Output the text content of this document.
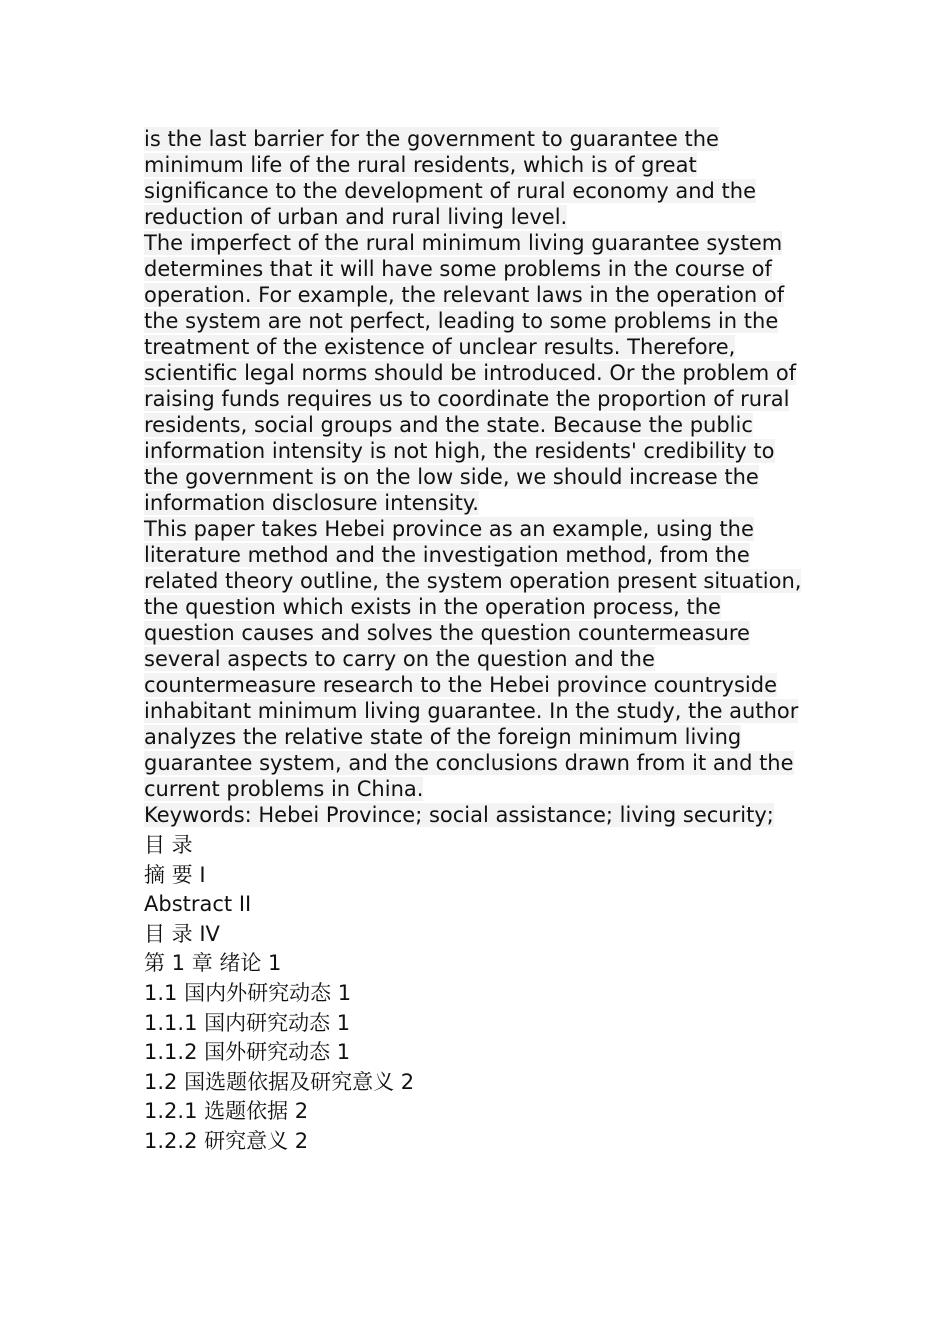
is the last barrier for the government to guarantee the minimum life of the rural residents, which is of great significance to the development of rural economy and the reduction of urban and rural living level.

The imperfect of the rural minimum living guarantee system determines that it will have some problems in the course of operation. For example, the relevant laws in the operation of the system are not perfect, leading to some problems in the treatment of the existence of unclear results. Therefore, scientific legal norms should be introduced. Or the problem of raising funds requires us to coordinate the proportion of rural residents, social groups and the state. Because the public information intensity is not high, the residents' credibility to the government is on the low side, we should increase the information disclosure intensity.

This paper takes Hebei province as an example, using the literature method and the investigation method, from the related theory outline, the system operation present situation, the question which exists in the operation process, the question causes and solves the question countermeasure several aspects to carry on the question and the countermeasure research to the Hebei province countryside inhabitant minimum living guarantee. In the study, the author analyzes the relative state of the foreign minimum living guarantee system, and the conclusions drawn from it and the current problems in China.

Keywords: Hebei Province; social assistance; living security;

目 录

摘 要 I

Abstract II

目 录 IV

第 1 章 绪论 1

1.1 国内外研究动态 1

1.1.1 国内研究动态 1

1.1.2 国外研究动态 1

1.2 国选题依据及研究意义 2

1.2.1 选题依据 2

1.2.2 研究意义 2
